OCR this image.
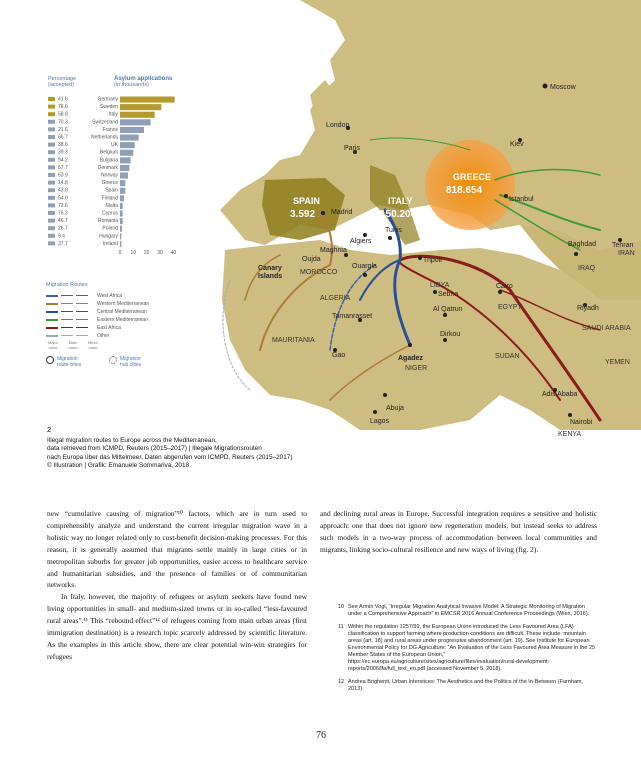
Moscow
London
Paris
Kiev
Madrid
Istanbul
Algiers
Tunis
Oujda
Maghnia
Ouargla
Tripoli
Tamanrasset
Sebha
Al Qatrun
Agadez
Dirkou
Gao
Cairo
Baghdad Tehran
Riyadh
Adis Ababa
Abuja
Lagos	Nairobi
MOROCCO
ALGERIA
LIBYA
EGYPT
MAURITANIA
NIGER
SUDAN
IRAQ
IRAN
SAUDI ARABIA
YEMEN
KENYA
Canary Islands
SPAIN
3.592
ITALY
150.200
GREECE
818.654
Percentage (accepted)
Asylum applications
(in thousands)
41.6	Germany
76.6	Sweden
58.8	Italy
70.3	Switzerland
21.6	France
66.7	Netherlands
38.6	UK
39.3	Belgium
94.2	Bulgaria
67.7	Denmark
63.9	Norway
14.8	Greece
43.8	Spain
54.0	Finland
72.6	Malta
76.2	Cyprus
46.7	Romania
26.7	Poland
9.4	Hungary
37.7	Ireland
0 10 20 30 40
Migration Routes
West Africa
Western Mediterranean
Central Mediterranean
Eastern Mediterranean
East Africa
Other
Major
route
Main
route
Minor
route
Migration
route cities
Migration
hub cities
2
Illegal migration routes to Europe across the Mediterranean,
data retrieved from ICMPD, Reuters (2015–2017) | Illegale Migrationsrouten
nach Europa über das Mittelmeer, Daten abgerufen vom ICMPD, Reuters (2015–2017)
© Illustration | Grafik: Emanuele Sommariva, 2018

new “cumulative causing of migration”¹⁰ factors, which are in turn used to comprehensibly analyze and understand the current irregular migration wave in a holistic way no longer related only to cost-benefit decision-making processes. For this reason, it is generally assumed that migrants settle mainly in large cities or in metropolitan suburbs for greater job opportunities, easier access to healthcare service and humanitarian subsidies, and the presence of families or of communitarian networks.

In Italy, however, the majority of refugees or asylum seekers have found new living opportunities in small- and medium-sized towns or in so-called “less-favoured rural areas”.¹¹ This “rebound effect”¹² of refugees coming from main urban areas (first immigration destination) is a research topic scarcely addressed by scientific literature. As the examples in this article show, there are clear potential win-win strategies for refugees

and declining rural areas in Europe. Successful integration requires a sensitive and holistic approach: one that does not ignore new regeneration models, but instead seeks to address such models in a two-way process of accommodation between local communities and migrants, linking socio-cultural resilience and new ways of living (fig. 2).

10 See Armin Vogl, “Irregular Migration Analytical Invasive Model: A Strategic Monitoring of Migration under a Comprehensive Approach” in EMCSR 2016 Annual Conference Proceedings (Wien, 2016).
11 Within the regulation 1257/99, the European Union introduced the Less Favoured Area (LFA) classification to support farming where production conditions are difficult. These include: mountain areas (art. 18) and rural areas under progressive abandonment (art. 19). See Institute for European Environmental Policy for DG Agriculture: “An Evaluation of the Less Favoured Area Measure in the 25 Member States of the European Union,” https://ec.europa.eu/agriculture/sites/agriculture/files/evaluation/rural-development-reports/2006/lfa/full_text_en.pdf (accessed November 5, 2018).
12 Andrea Brighenti, Urban Interstices: The Aesthetics and the Politics of the In-Between (Farnham, 2013).
76
